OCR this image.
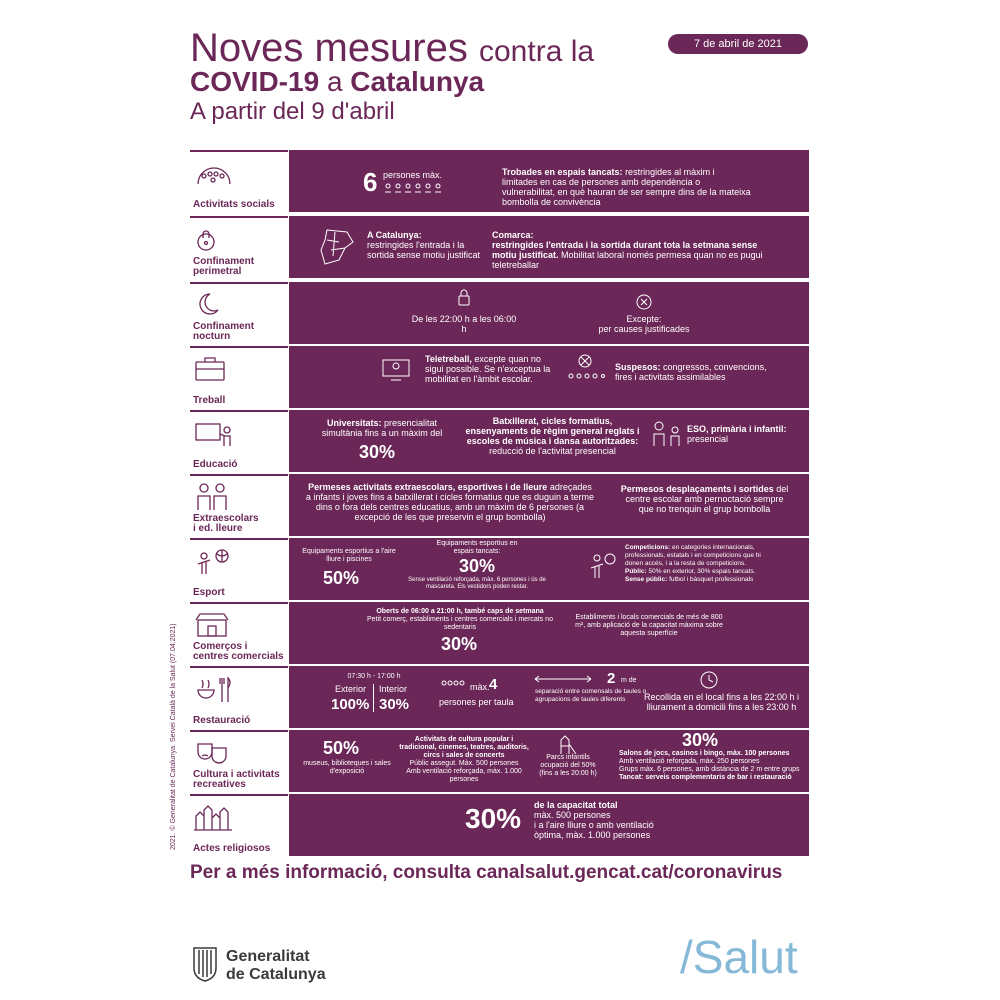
Noves mesures contra la
COVID-19 a Catalunya
A partir del 9 d'abril
7 de abril de 2021
Activitats socials
6 persones màx.	Trobades en espais tancats: restringides al màxim i limitades en cas de persones amb dependència o vulnerabilitat, en què hauran de ser sempre dins de la mateixa bombolla de convivència
Confinament
perimetral
A Catalunya:
restringides l'entrada i la sortida sense motiu justificat
Comarca:
restringides l'entrada i la sortida durant tota la setmana sense motiu justificat. Mobilitat laboral només permesa quan no es pugui teletreballar
Confinament
nocturn
De les 22:00 h a les 06:00 h
Excepte:
per causes justificades
Treball
Teletreball, excepte quan no sigui possible. Se n'exceptua la mobilitat en l'àmbit escolar.
Suspesos: congressos, convencions, fires i activitats assimilables
Educació
Universitats: presencialitat simultània fins a un màxim del
30%
Batxillerat, cicles formatius, ensenyaments de règim general reglats i escoles de música i dansa autoritzades:
reducció de l'activitat presencial
ESO, primària i infantil:
presencial
Extraescolars
i ed. lleure
Permeses activitats extraescolars, esportives i de lleure adreçades a infants i joves fins a batxillerat i cicles formatius que es duguin a terme dins o fora dels centres educatius, amb un màxim de 6 persones (a excepció de les que preservin el grup bombolla)
Permesos desplaçaments i sortides del centre escolar amb pernoctació sempre que no trenquin el grup bombolla
Esport
Equipaments esportius a l'aire lliure i piscines
50%
Equipaments esportius en espais tancats:
30%
Sense ventilació reforçada, màx. 6 persones i ús de mascareta. Els vestidors poden restar.
Competicions: en categories internacionals, professionals, estatals i en competicions que hi donen accés, i a la resta de competicions.
Públic: 50% en exterior, 30% espais tancats.
Sense públic: futbol i bàsquet professionals
Comerços i
centres comercials
Oberts de 06:00 a 21:00 h, també caps de setmana
Petit comerç, establiments i centres comercials i mercats no sedentaris
30%
Establiments i locals comercials de més de 800 m², amb aplicació de la capacitat màxima sobre aquesta superfície
Restauració
07:30 h - 17:00 h
Exterior
100%
Interior
30%
màx. 4
persones per taula
2 m de
separació entre comensals de taules o agrupacions de taules diferents	Recollida en el local fins a les 22:00 h i lliurament a domicili fins a les 23:00 h
Cultura i activitats
recreatives
50%
museus, biblioteques i sales d'exposició
Activitats de cultura popular i tradicional, cinemes, teatres, auditoris, circs i sales de concerts
Públic assegut. Màx. 500 persones
Amb ventilació reforçada, màx. 1.000 persones
Parcs infantils ocupació del 50% (fins a les 20:00 h)
30%
Salons de jocs, casinos i bingo, màx. 100 persones
Amb ventilació reforçada, màx. 250 persones
Grups màx. 6 persones, amb distància de 2 m entre grups
Tancat: serveis complementaris de bar i restauració
Actes religiosos
30% de la capacitat total
màx. 500 persones
i a l'aire lliure o amb ventilació
òptima, màx. 1.000 persones
2021. © Generalitat de Catalunya. Servei Català de la Salut (07.04.2021)
Per a més informació, consulta canalsalut.gencat.cat/coronavirus
Generalitat
de Catalunya	/Salut
